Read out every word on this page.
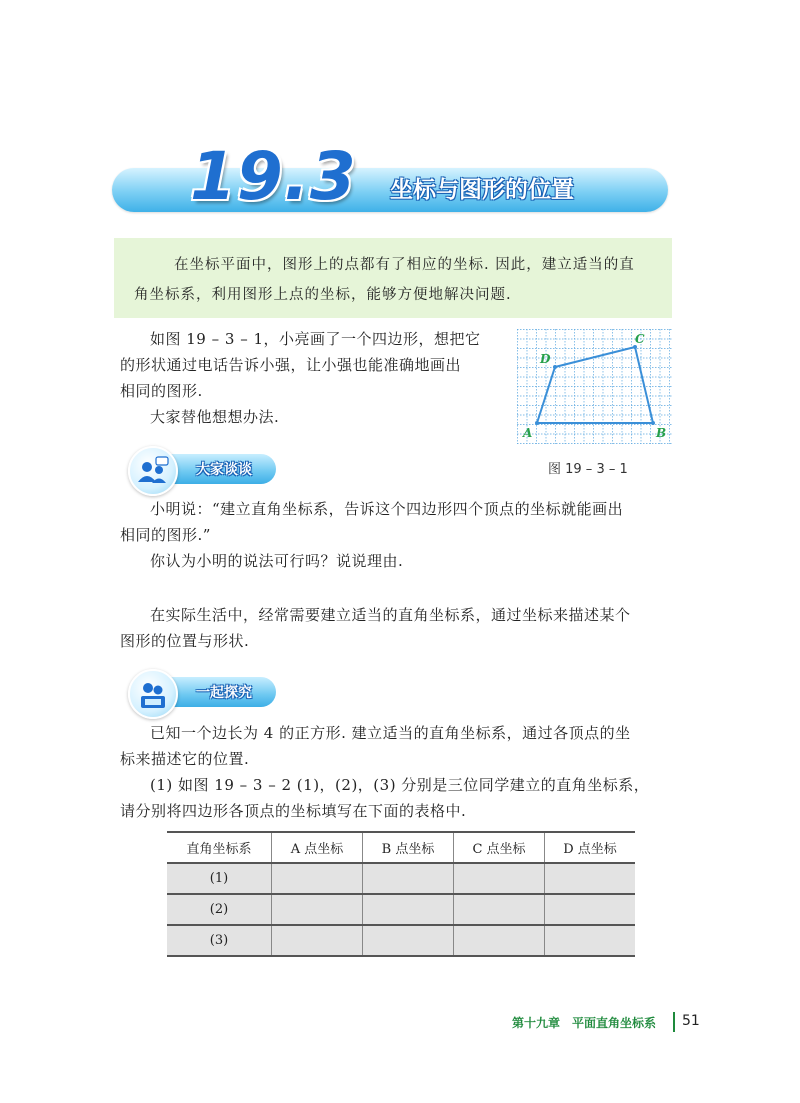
19.3 坐标与图形的位置

在坐标平面中，图形上的点都有了相应的坐标. 因此，建立适当的直角坐标系，利用图形上点的坐标，能够方便地解决问题.

如图 19 – 3 – 1，小亮画了一个四边形，想把它

的形状通过电话告诉小强，让小强也能准确地画出

相同的图形.

大家替他想想办法.

A	B
C
D
图 19 – 3 – 1
大家谈谈

小明说：“建立直角坐标系，告诉这个四边形四个顶点的坐标就能画出

相同的图形.”

你认为小明的说法可行吗？说说理由.

在实际生活中，经常需要建立适当的直角坐标系，通过坐标来描述某个

图形的位置与形状.

一起探究

已知一个边长为 4 的正方形. 建立适当的直角坐标系，通过各顶点的坐

标来描述它的位置.

(1) 如图 19 – 3 – 2 (1)，(2)，(3) 分别是三位同学建立的直角坐标系，

请分别将四边形各顶点的坐标填写在下面的表格中.

直角坐标系	A 点坐标	B 点坐标	C 点坐标	D 点坐标
(1)				
(2)				
(3)				
第十九章　平面直角坐标系 51
